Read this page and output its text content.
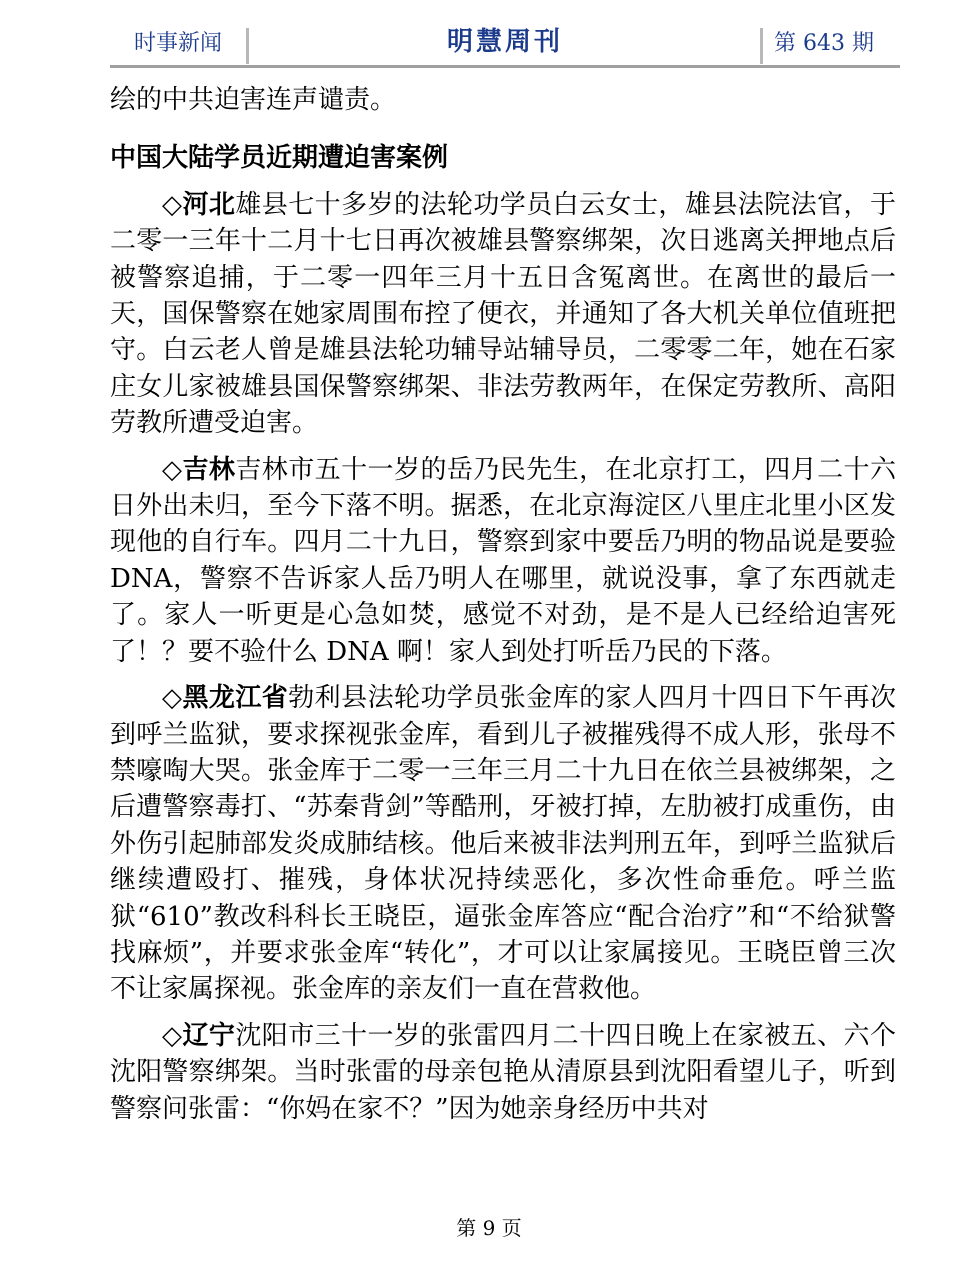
时事新闻	明慧周刊	第 643 期

绘的中共迫害连声谴责。

中国大陆学员近期遭迫害案例

◇河北雄县七十多岁的法轮功学员白云女士，雄县法院法官，于二零一三年十二月十七日再次被雄县警察绑架，次日逃离关押地点后被警察追捕，于二零一四年三月十五日含冤离世。在离世的最后一天，国保警察在她家周围布控了便衣，并通知了各大机关单位值班把守。白云老人曾是雄县法轮功辅导站辅导员，二零零二年，她在石家庄女儿家被雄县国保警察绑架、非法劳教两年，在保定劳教所、高阳劳教所遭受迫害。

◇吉林吉林市五十一岁的岳乃民先生，在北京打工，四月二十六日外出未归，至今下落不明。据悉，在北京海淀区八里庄北里小区发现他的自行车。四月二十九日，警察到家中要岳乃明的物品说是要验DNA，警察不告诉家人岳乃明人在哪里，就说没事，拿了东西就走了。家人一听更是心急如焚，感觉不对劲，是不是人已经给迫害死了！？要不验什么 DNA 啊！家人到处打听岳乃民的下落。

◇黑龙江省勃利县法轮功学员张金库的家人四月十四日下午再次到呼兰监狱，要求探视张金库，看到儿子被摧残得不成人形，张母不禁嚎啕大哭。张金库于二零一三年三月二十九日在依兰县被绑架，之后遭警察毒打、“苏秦背剑”等酷刑，牙被打掉，左肋被打成重伤，由外伤引起肺部发炎成肺结核。他后来被非法判刑五年，到呼兰监狱后继续遭殴打、摧残，身体状况持续恶化，多次性命垂危。呼兰监狱“610”教改科科长王晓臣，逼张金库答应“配合治疗”和“不给狱警找麻烦”，并要求张金库“转化”，才可以让家属接见。王晓臣曾三次不让家属探视。张金库的亲友们一直在营救他。

◇辽宁沈阳市三十一岁的张雷四月二十四日晚上在家被五、六个沈阳警察绑架。当时张雷的母亲包艳从清原县到沈阳看望儿子，听到警察问张雷：“你妈在家不？”因为她亲身经历中共对

第 9 页
